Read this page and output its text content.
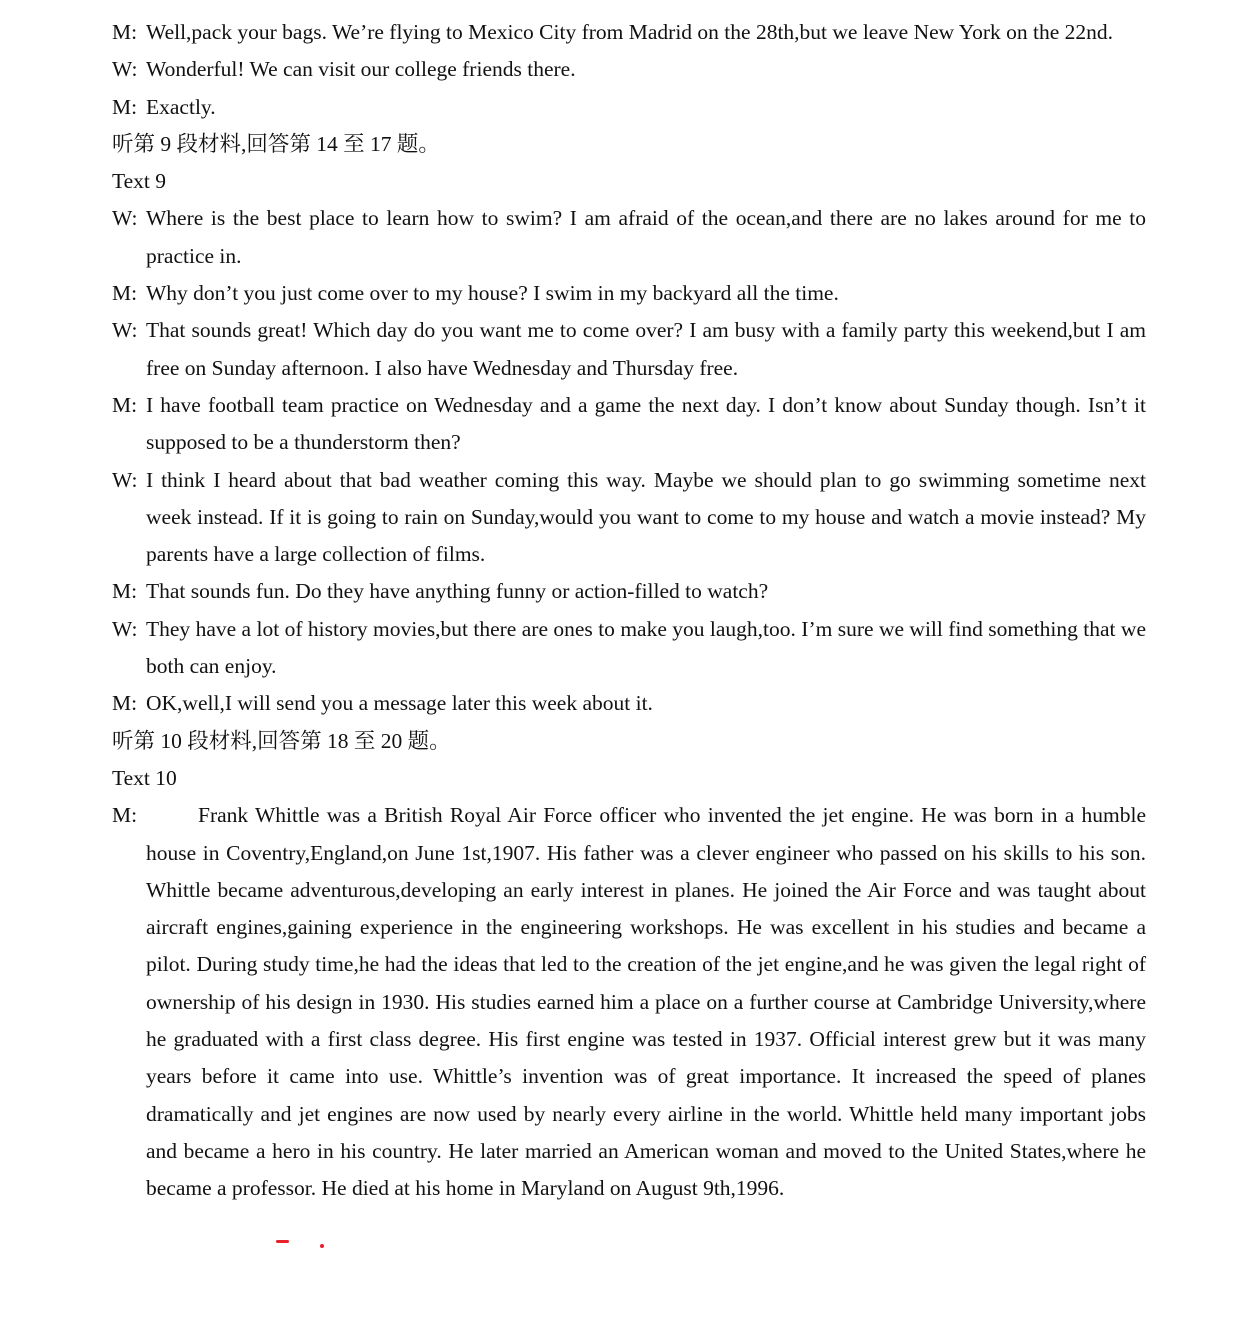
M: Well,pack your bags. We’re flying to Mexico City from Madrid on the 28th,but we leave New York on the 22nd.
W: Wonderful! We can visit our college friends there.
M: Exactly.
听第 9 段材料,回答第 14 至 17 题。
Text 9
W: Where is the best place to learn how to swim? I am afraid of the ocean,and there are no lakes around for me to practice in.
M: Why don’t you just come over to my house? I swim in my backyard all the time.
W: That sounds great! Which day do you want me to come over? I am busy with a family party this weekend,but I am free on Sunday afternoon. I also have Wednesday and Thursday free.
M: I have football team practice on Wednesday and a game the next day. I don’t know about Sunday though. Isn’t it supposed to be a thunderstorm then?
W: I think I heard about that bad weather coming this way. Maybe we should plan to go swimming sometime next week instead. If it is going to rain on Sunday,would you want to come to my house and watch a movie instead? My parents have a large collection of films.
M: That sounds fun. Do they have anything funny or action-filled to watch?
W: They have a lot of history movies,but there are ones to make you laugh,too. I’m sure we will find something that we both can enjoy.
M: OK,well,I will send you a message later this week about it.
听第 10 段材料,回答第 18 至 20 题。
Text 10
M:	Frank Whittle was a British Royal Air Force officer who invented the jet engine. He was born in a humble house in Coventry,England,on June 1st,1907. His father was a clever engineer who passed on his skills to his son. Whittle became adventurous,developing an early interest in planes. He joined the Air Force and was taught about aircraft engines,gaining experience in the engineering workshops. He was excellent in his studies and became a pilot. During study time,he had the ideas that led to the creation of the jet engine,and he was given the legal right of ownership of his design in 1930. His studies earned him a place on a further course at Cambridge University,where he graduated with a first class degree. His first engine was tested in 1937. Official interest grew but it was many years before it came into use. Whittle’s invention was of great importance. It increased the speed of planes dramatically and jet engines are now used by nearly every airline in the world. Whittle held many important jobs and became a hero in his country. He later married an American woman and moved to the United States,where he became a professor. He died at his home in Maryland on August 9th,1996.
